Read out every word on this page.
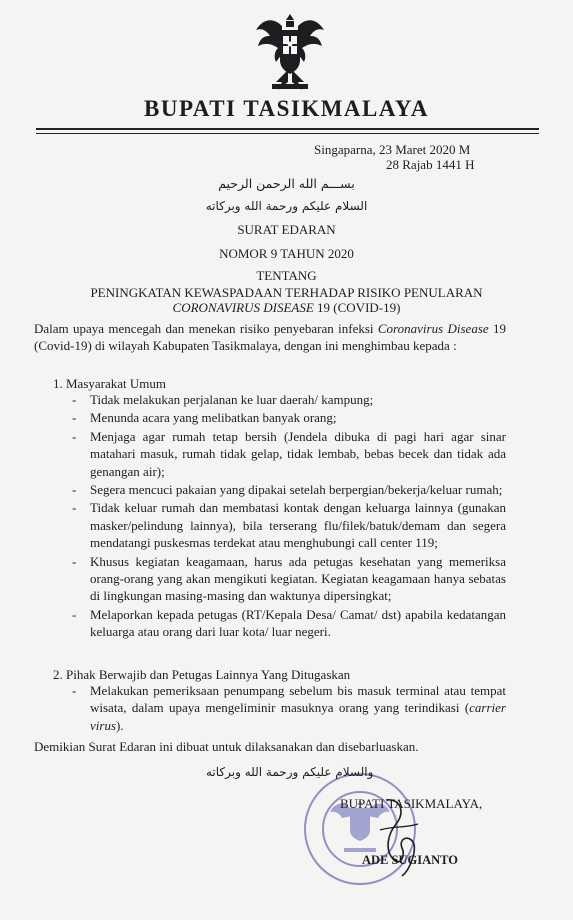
BUPATI TASIKMALAYA
Singaparna, 23 Maret 2020 M
28 Rajab 1441 H
بســـم الله الرحمن الرحيم
السلام عليكم ورحمة الله وبركاته
SURAT EDARAN
NOMOR 9 TAHUN 2020
TENTANG
PENINGKATAN KEWASPADAAN TERHADAP RISIKO PENULARAN
CORONAVIRUS DISEASE 19 (COVID-19)
Dalam upaya mencegah dan menekan risiko penyebaran infeksi Coronavirus Disease 19 (Covid-19) di wilayah Kabupaten Tasikmalaya, dengan ini menghimbau kepada :
1. Masyarakat Umum
- Tidak melakukan perjalanan ke luar daerah/ kampung;
- Menunda acara yang melibatkan banyak orang;
- Menjaga agar rumah tetap bersih (Jendela dibuka di pagi hari agar sinar matahari masuk, rumah tidak gelap, tidak lembab, bebas becek dan tidak ada genangan air);
- Segera mencuci pakaian yang dipakai setelah berpergian/bekerja/keluar rumah;
- Tidak keluar rumah dan membatasi kontak dengan keluarga lainnya (gunakan masker/pelindung lainnya), bila terserang flu/filek/batuk/demam dan segera mendatangi puskesmas terdekat atau menghubungi call center 119;
- Khusus kegiatan keagamaan, harus ada petugas kesehatan yang memeriksa orang-orang yang akan mengikuti kegiatan. Kegiatan keagamaan hanya sebatas di lingkungan masing-masing dan waktunya dipersingkat;
- Melaporkan kepada petugas (RT/Kepala Desa/ Camat/ dst) apabila kedatangan keluarga atau orang dari luar kota/ luar negeri.
2. Pihak Berwajib dan Petugas Lainnya Yang Ditugaskan
- Melakukan pemeriksaan penumpang sebelum bis masuk terminal atau tempat wisata, dalam upaya mengeliminir masuknya orang yang terindikasi (carrier virus).
Demikian Surat Edaran ini dibuat untuk dilaksanakan dan disebarluaskan.
والسلام عليكم ورحمة الله وبركاته
BUPATI TASIKMALAYA,
ADE SUGIANTO
